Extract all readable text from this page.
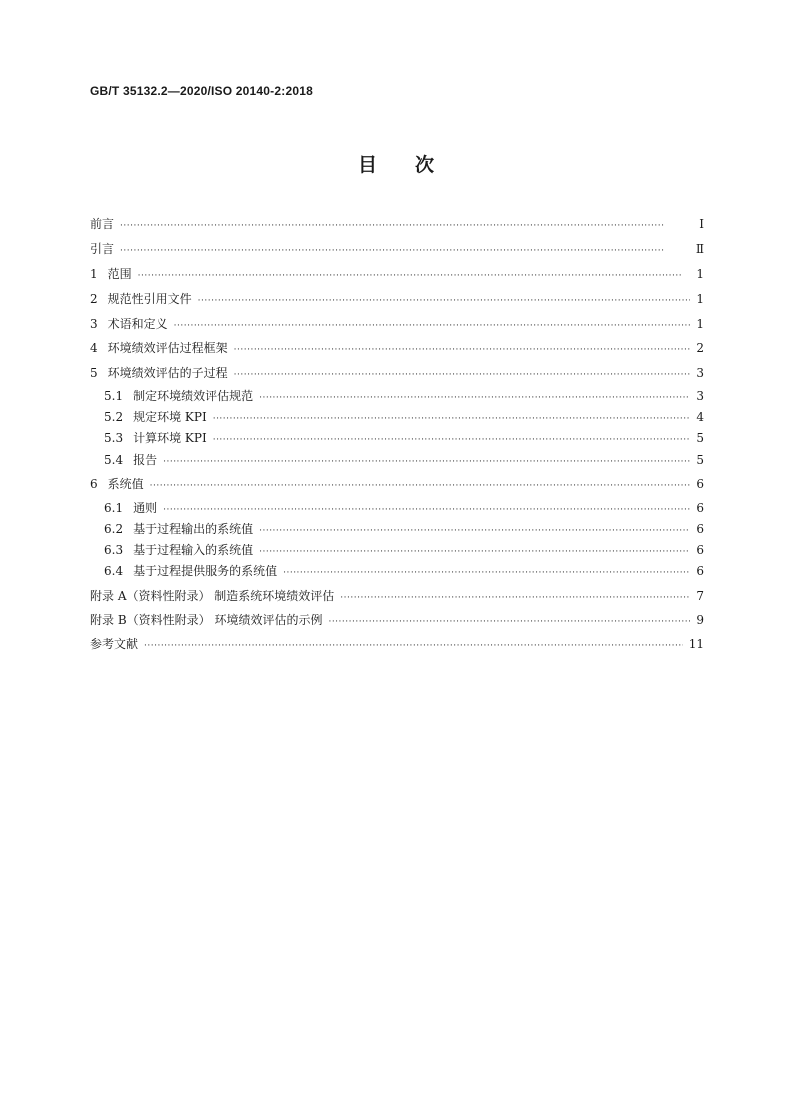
GB/T 35132.2—2020/ISO 20140-2:2018
目 次
前言 ·····	Ⅰ
引言 ·····	Ⅱ
1 范围 ·····	1
2 规范性引用文件 ·····	1
3 术语和定义 ·····	1
4 环境绩效评估过程框架 ·····	2
5 环境绩效评估的子过程 ·····	3
5.1 制定环境绩效评估规范 ·····	3
5.2 规定环境 KPI ·····	4
5.3 计算环境 KPI ·····	5
5.4 报告 ·····	5
6 系统值 ·····	6
6.1 通则 ·····	6
6.2 基于过程输出的系统值 ·····	6
6.3 基于过程输入的系统值 ·····	6
6.4 基于过程提供服务的系统值 ·····	6
附录 A（资料性附录） 制造系统环境绩效评估 ·····	7
附录 B（资料性附录） 环境绩效评估的示例 ·····	9
参考文献 ·····	11
